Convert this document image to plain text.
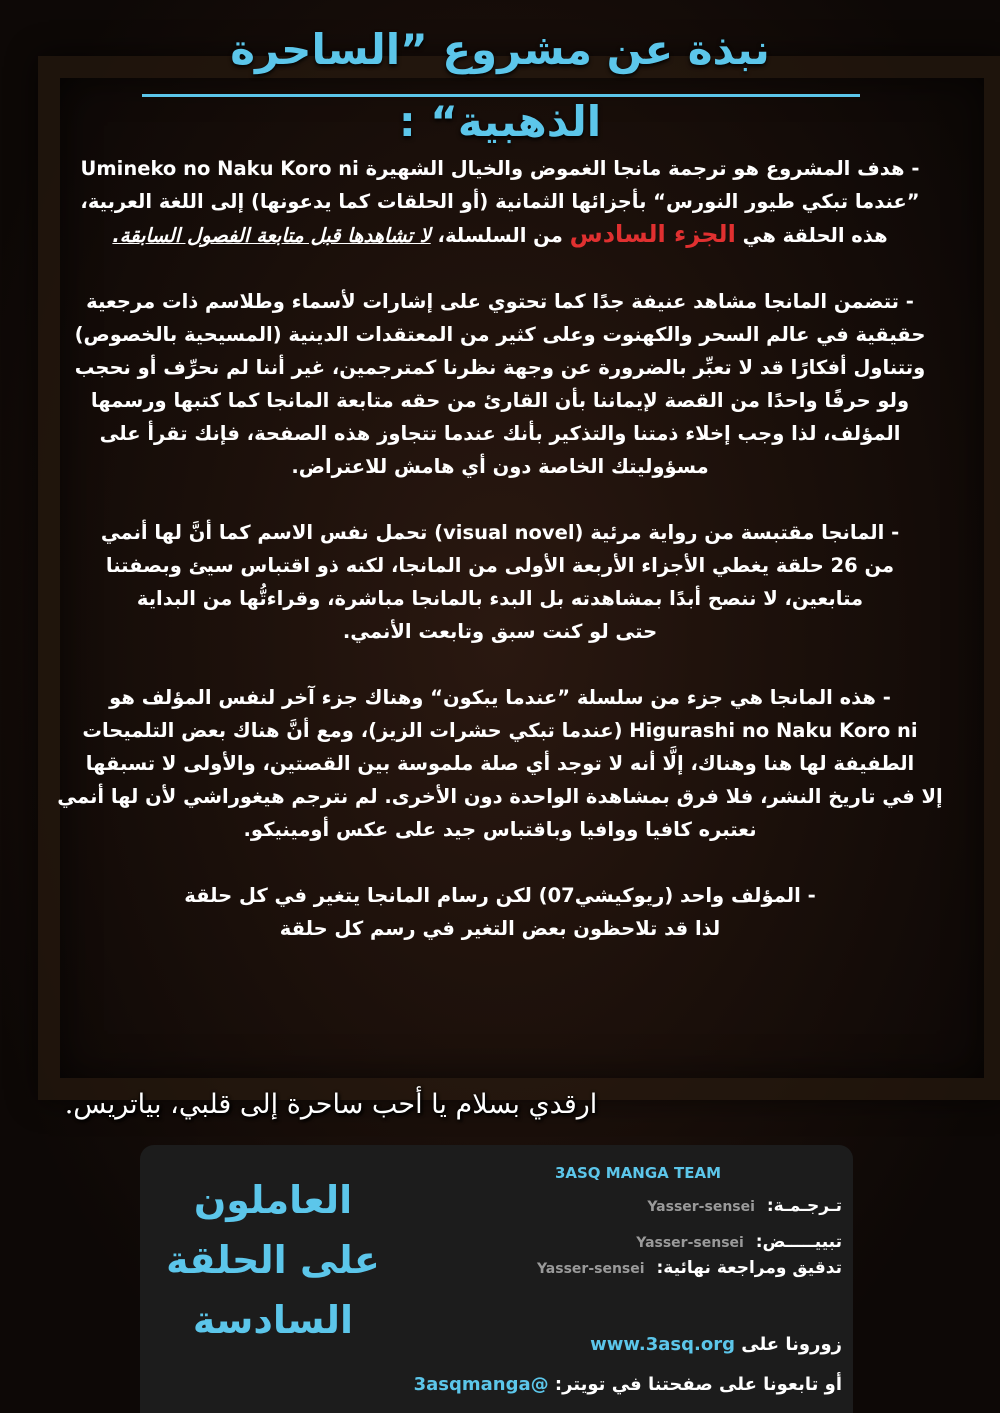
نبذة عن مشروع ”الساحرة الذهبية“ :

- هدف المشروع هو ترجمة مانجا الغموض والخيال الشهيرة Umineko no Naku Koro ni

”عندما تبكي طيور النورس“ بأجزائها الثمانية (أو الحلقات كما يدعونها) إلى اللغة العربية،

هذه الحلقة هي الجزء السادس من السلسلة، لا تشاهدها قبل متابعة الفصول السابقة.

- تتضمن المانجا مشاهد عنيفة جدًا كما تحتوي على إشارات لأسماء وطلاسم ذات مرجعية

حقيقية في عالم السحر والكهنوت وعلى كثير من المعتقدات الدينية (المسيحية بالخصوص)

وتتناول أفكارًا قد لا تعبِّر بالضرورة عن وجهة نظرنا كمترجمين، غير أننا لم نحرِّف أو نحجب

ولو حرفًا واحدًا من القصة لإيماننا بأن القارئ من حقه متابعة المانجا كما كتبها ورسمها

المؤلف، لذا وجب إخلاء ذمتنا والتذكير بأنك عندما تتجاوز هذه الصفحة، فإنك تقرأ على

مسؤوليتك الخاصة دون أي هامش للاعتراض.

- المانجا مقتبسة من رواية مرئية (visual novel) تحمل نفس الاسم كما أنَّ لها أنمي

من 26 حلقة يغطي الأجزاء الأربعة الأولى من المانجا، لكنه ذو اقتباس سيئ وبصفتنا

متابعين، لا ننصح أبدًا بمشاهدته بل البدء بالمانجا مباشرة، وقراءتُّها من البداية

حتى لو كنت سبق وتابعت الأنمي.

- هذه المانجا هي جزء من سلسلة ”عندما يبكون“ وهناك جزء آخر لنفس المؤلف هو

Higurashi no Naku Koro ni (عندما تبكي حشرات الزيز)، ومع أنَّ هناك بعض التلميحات

الطفيفة لها هنا وهناك، إلَّا أنه لا توجد أي صلة ملموسة بين القصتين، والأولى لا تسبقها

إلا في تاريخ النشر، فلا فرق بمشاهدة الواحدة دون الأخرى. لم نترجم هيغوراشي لأن لها أنمي

نعتبره كافيا ووافيا وباقتباس جيد على عكس أومينيكو.

- المؤلف واحد (ريوكيشي07) لكن رسام المانجا يتغير في كل حلقة

لذا قد تلاحظون بعض التغير في رسم كل حلقة

ارقدي بسلام يا أحب ساحرة إلى قلبي، بياتريس.
العاملون
على الحلقة
السادسة
3ASQ MANGA TEAM
تـرجـمـة: Yasser-sensei
تبييـــــض: Yasser-sensei
تدقيق ومراجعة نهائية: Yasser-sensei
زورونا على www.3asq.org
أو تابعونا على صفحتنا في تويتر: @3asqmanga
